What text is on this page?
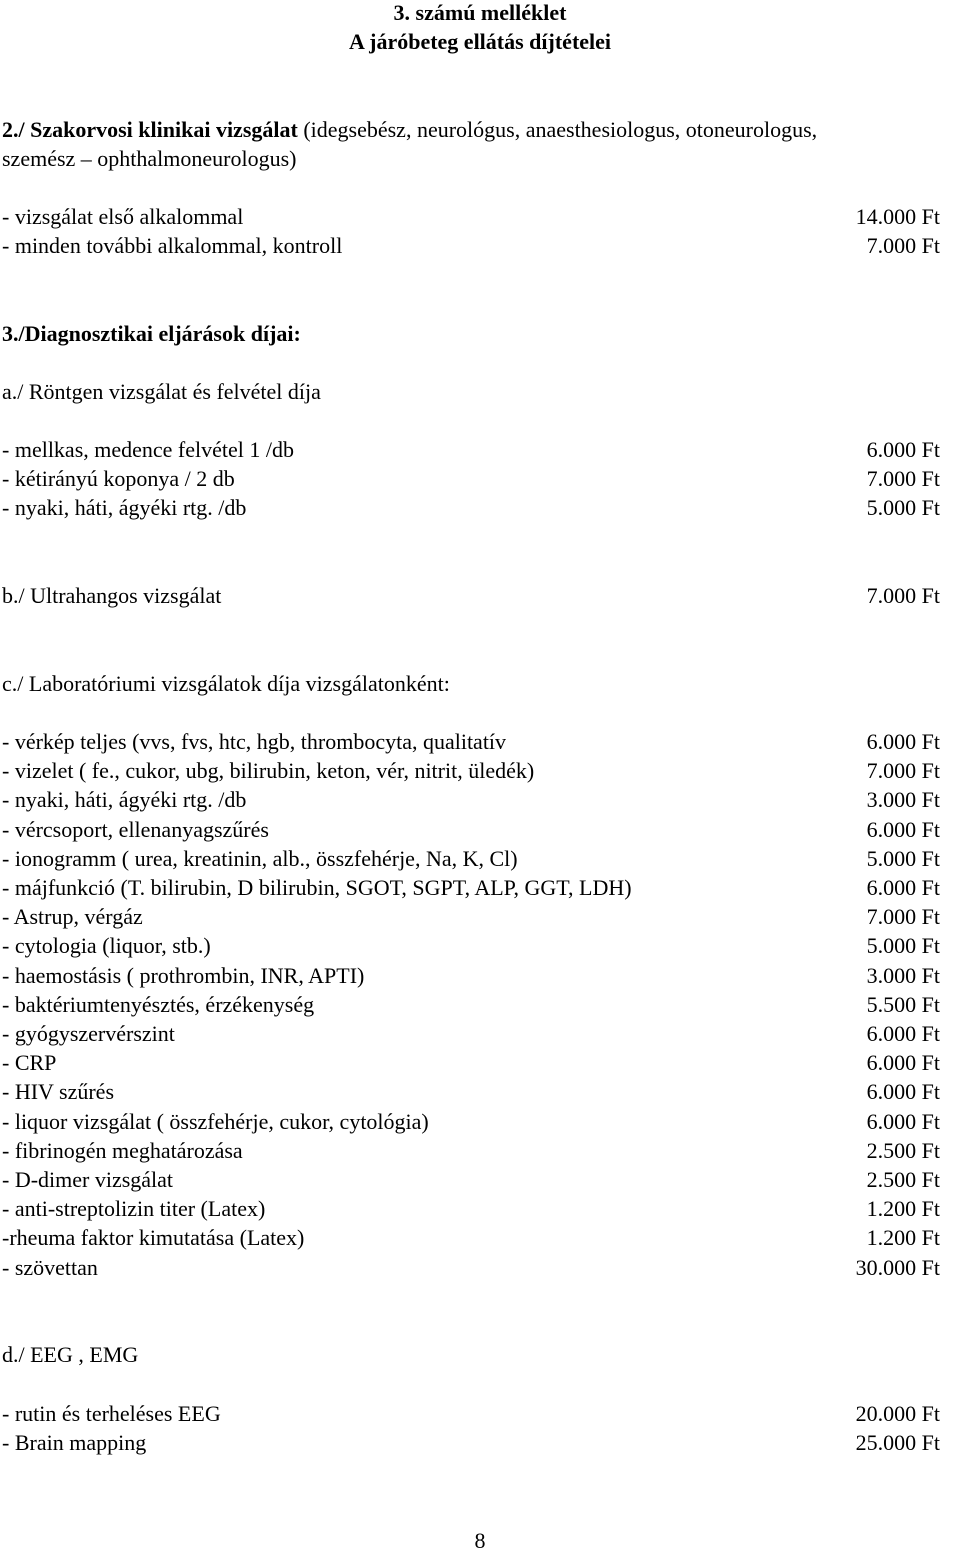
3. számú melléklet
A járóbeteg ellátás díjtételei
2./ Szakorvosi klinikai vizsgálat (idegsebész, neurológus, anaesthesiologus, otoneurologus,
szemész – ophthalmoneurologus)
- vizsgálat első alkalommal	14.000 Ft
- minden további alkalommal, kontroll	7.000 Ft
3./Diagnosztikai eljárások díjai:
a./ Röntgen vizsgálat és felvétel díja
- mellkas, medence felvétel 1 /db	6.000 Ft
- kétirányú koponya / 2 db	7.000 Ft
- nyaki, háti, ágyéki rtg. /db	5.000 Ft
b./ Ultrahangos vizsgálat	7.000 Ft
c./ Laboratóriumi vizsgálatok díja vizsgálatonként:
- vérkép teljes (vvs, fvs, htc, hgb, thrombocyta, qualitatív	6.000 Ft
- vizelet ( fe., cukor, ubg, bilirubin, keton, vér, nitrit, üledék)	7.000 Ft
- nyaki, háti, ágyéki rtg. /db	3.000 Ft
- vércsoport, ellenanyagszűrés	6.000 Ft
- ionogramm ( urea, kreatinin, alb., összfehérje, Na, K, Cl)	5.000 Ft
- májfunkció (T. bilirubin, D bilirubin, SGOT, SGPT, ALP, GGT, LDH)	6.000 Ft
- Astrup, vérgáz	7.000 Ft
- cytologia (liquor, stb.)	5.000 Ft
- haemostásis ( prothrombin, INR, APTI)	3.000 Ft
- baktériumtenyésztés, érzékenység	5.500 Ft
- gyógyszervérszint	6.000 Ft
- CRP	6.000 Ft
- HIV szűrés	6.000 Ft
- liquor vizsgálat ( összfehérje, cukor, cytológia)	6.000 Ft
- fibrinogén meghatározása	2.500 Ft
- D-dimer vizsgálat	2.500 Ft
- anti-streptolizin titer (Latex)	1.200 Ft
-rheuma faktor kimutatása (Latex)	1.200 Ft
- szövettan	30.000 Ft
d./ EEG , EMG
- rutin és terheléses EEG	20.000 Ft
- Brain mapping	25.000 Ft
8
